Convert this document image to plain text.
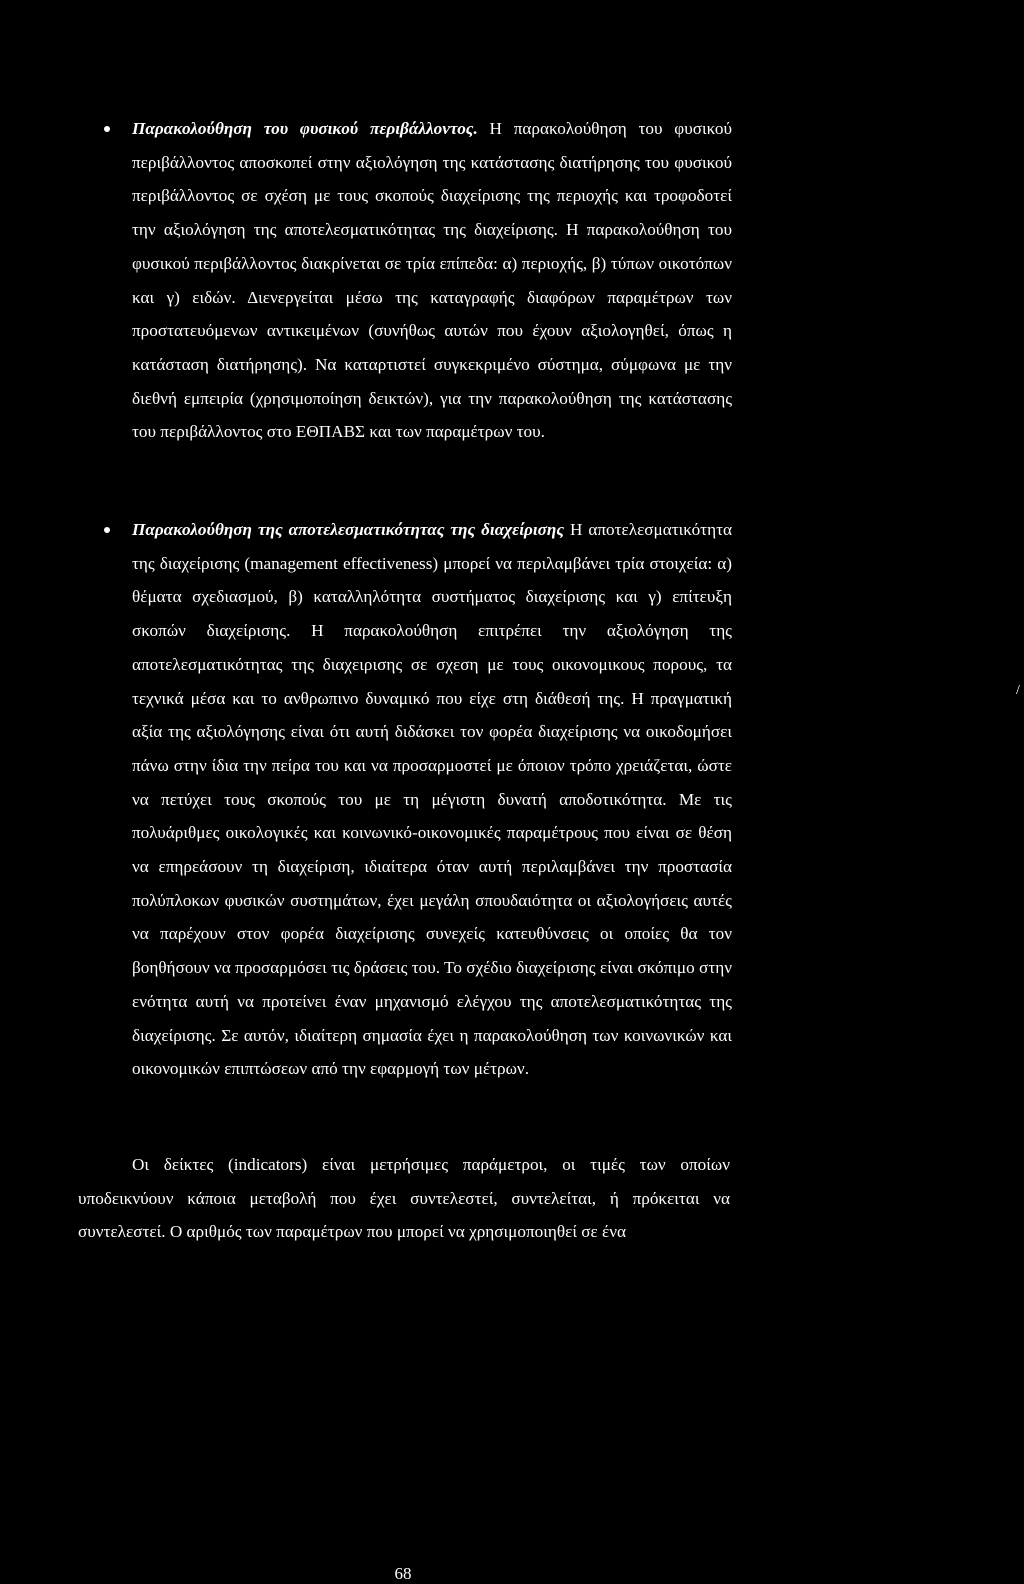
Παρακολούθηση του φυσικού περιβάλλοντος. Η παρακολούθηση του φυσικού περιβάλλοντος αποσκοπεί στην αξιολόγηση της κατάστασης διατήρησης του φυσικού περιβάλλοντος σε σχέση με τους σκοπούς διαχείρισης της περιοχής και τροφοδοτεί την αξιολόγηση της αποτελεσματικότητας της διαχείρισης. Η παρακολούθηση του φυσικού περιβάλλοντος διακρίνεται σε τρία επίπεδα: α) περιοχής, β) τύπων οικοτόπων και γ) ειδών. Διενεργείται μέσω της καταγραφής διαφόρων παραμέτρων των προστατευόμενων αντικειμένων (συνήθως αυτών που έχουν αξιολογηθεί, όπως η κατάσταση διατήρησης). Να καταρτιστεί συγκεκριμένο σύστημα, σύμφωνα με την διεθνή εμπειρία (χρησιμοποίηση δεικτών), για την παρακολούθηση της κατάστασης του περιβάλλοντος στο ΕΘΠΑΒΣ και των παραμέτρων του.
Παρακολούθηση της αποτελεσματικότητας της διαχείρισης Η αποτελεσματικότητα της διαχείρισης (management effectiveness) μπορεί να περιλαμβάνει τρία στοιχεία: α) θέματα σχεδιασμού, β) καταλληλότητα συστήματος διαχείρισης και γ) επίτευξη σκοπών διαχείρισης. Η παρακολούθηση επιτρέπει την αξιολόγηση της αποτελεσματικότητας της διαχειρισης σε σχεση με τους οικονομικους πορους, τα τεχνικά μέσα και το ανθρωπινο δυναμικό που είχε στη διάθεσή της. Η πραγματική αξία της αξιολόγησης είναι ότι αυτή διδάσκει τον φορέα διαχείρισης να οικοδομήσει πάνω στην ίδια την πείρα του και να προσαρμοστεί με όποιον τρόπο χρειάζεται, ώστε να πετύχει τους σκοπούς του με τη μέγιστη δυνατή αποδοτικότητα. Με τις πολυάριθμες οικολογικές και κοινωνικό-οικονομικές παραμέτρους που είναι σε θέση να επηρεάσουν τη διαχείριση, ιδιαίτερα όταν αυτή περιλαμβάνει την προστασία πολύπλοκων φυσικών συστημάτων, έχει μεγάλη σπουδαιότητα οι αξιολογήσεις αυτές να παρέχουν στον φορέα διαχείρισης συνεχείς κατευθύνσεις οι οποίες θα τον βοηθήσουν να προσαρμόσει τις δράσεις του. Το σχέδιο διαχείρισης είναι σκόπιμο στην ενότητα αυτή να προτείνει έναν μηχανισμό ελέγχου της αποτελεσματικότητας της διαχείρισης. Σε αυτόν, ιδιαίτερη σημασία έχει η παρακολούθηση των κοινωνικών και οικονομικών επιπτώσεων από την εφαρμογή των μέτρων.
Οι δείκτες (indicators) είναι μετρήσιμες παράμετροι, οι τιμές των οποίων υποδεικνύουν κάποια μεταβολή που έχει συντελεστεί, συντελείται, ή πρόκειται να συντελεστεί. Ο αριθμός των παραμέτρων που μπορεί να χρησιμοποιηθεί σε ένα
68
/
